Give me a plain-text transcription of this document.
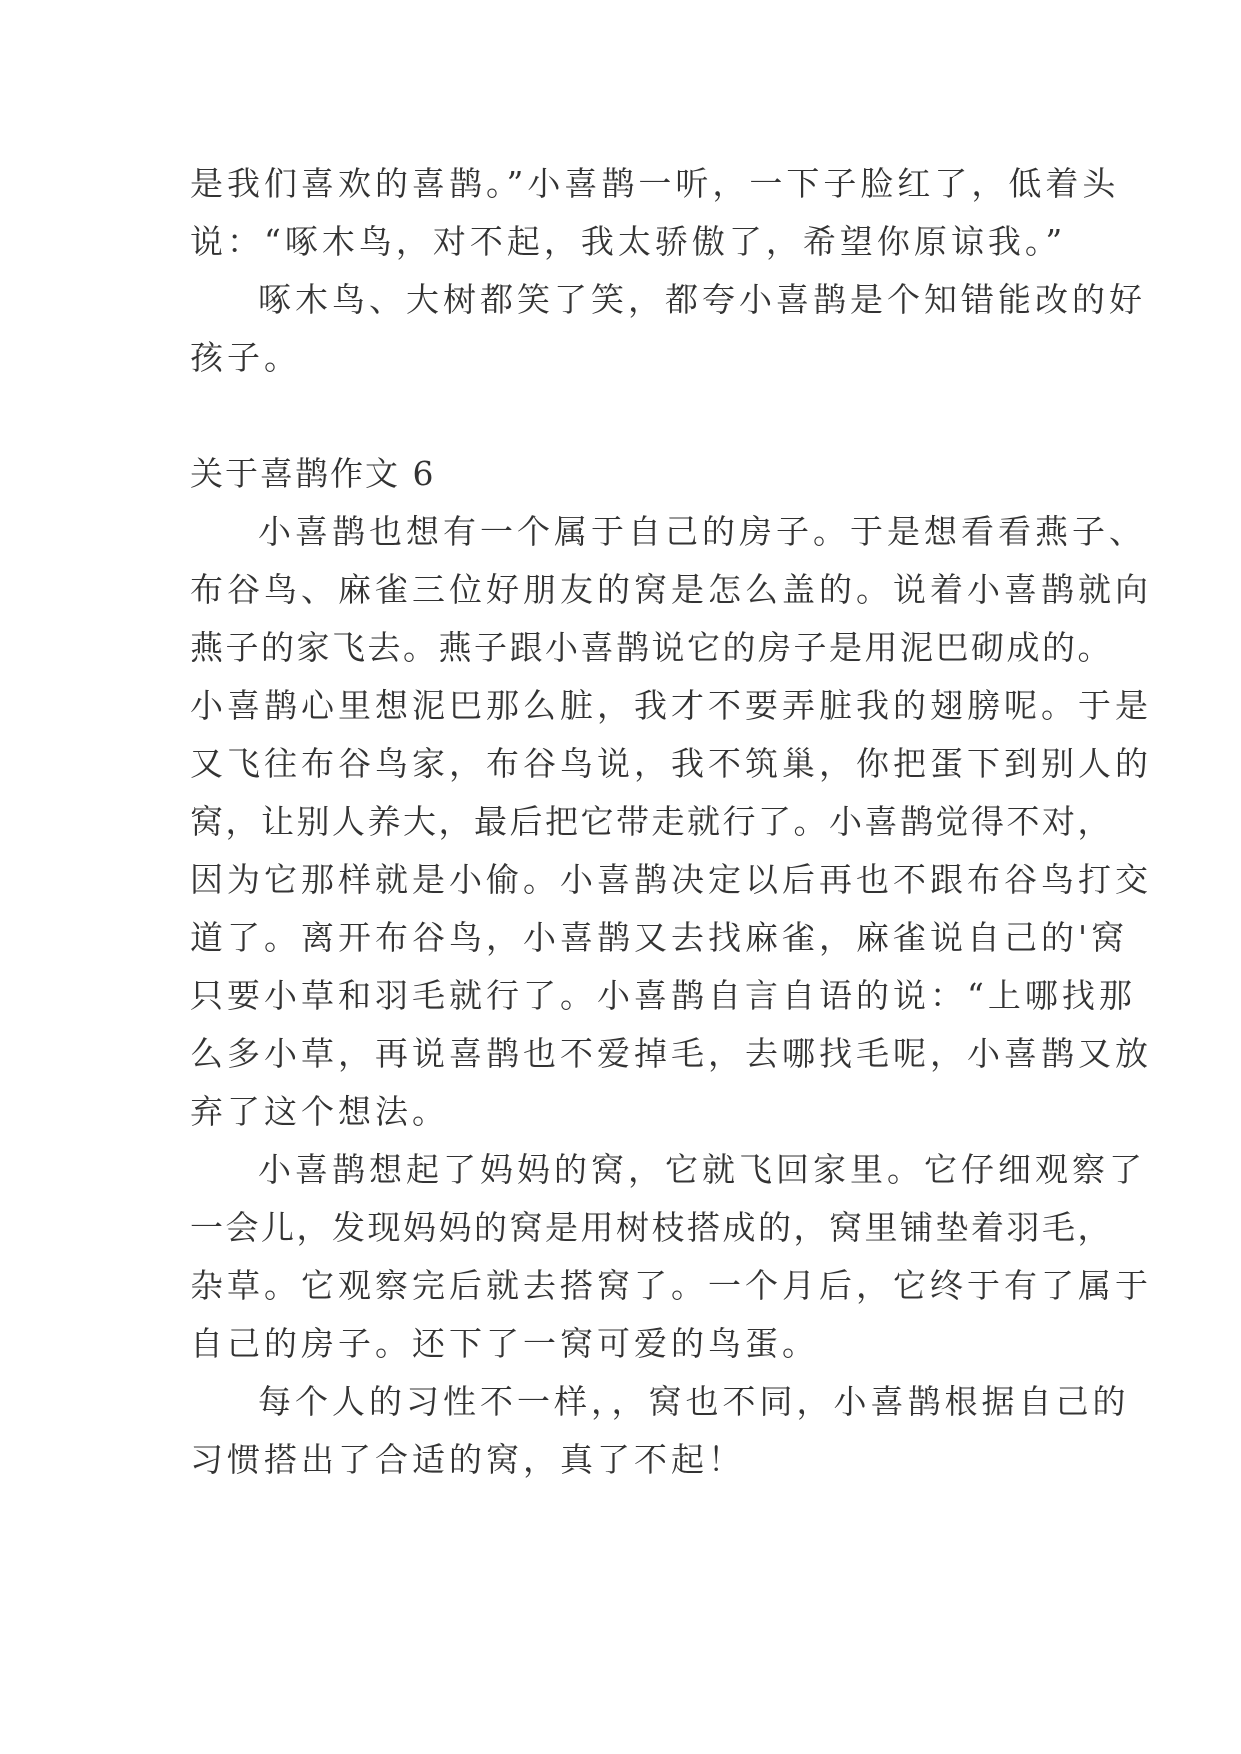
是我们喜欢的喜鹊。”小喜鹊一听，一下子脸红了，低着头
说：“啄木鸟，对不起，我太骄傲了，希望你原谅我。”
啄木鸟、大树都笑了笑，都夸小喜鹊是个知错能改的好
孩子。
关于喜鹊作文 6
小喜鹊也想有一个属于自己的房子。于是想看看燕子、
布谷鸟、麻雀三位好朋友的窝是怎么盖的。说着小喜鹊就向
燕子的家飞去。燕子跟小喜鹊说它的房子是用泥巴砌成的。
小喜鹊心里想泥巴那么脏，我才不要弄脏我的翅膀呢。于是
又飞往布谷鸟家，布谷鸟说，我不筑巢，你把蛋下到别人的
窝，让别人养大，最后把它带走就行了。小喜鹊觉得不对，
因为它那样就是小偷。小喜鹊决定以后再也不跟布谷鸟打交
道了。离开布谷鸟，小喜鹊又去找麻雀，麻雀说自己的'窝
只要小草和羽毛就行了。小喜鹊自言自语的说：“上哪找那
么多小草，再说喜鹊也不爱掉毛，去哪找毛呢，小喜鹊又放
弃了这个想法。
小喜鹊想起了妈妈的窝，它就飞回家里。它仔细观察了
一会儿，发现妈妈的窝是用树枝搭成的，窝里铺垫着羽毛，
杂草。它观察完后就去搭窝了。一个月后，它终于有了属于
自己的房子。还下了一窝可爱的鸟蛋。
每个人的习性不一样，，窝也不同，小喜鹊根据自己的
习惯搭出了合适的窝，真了不起！
